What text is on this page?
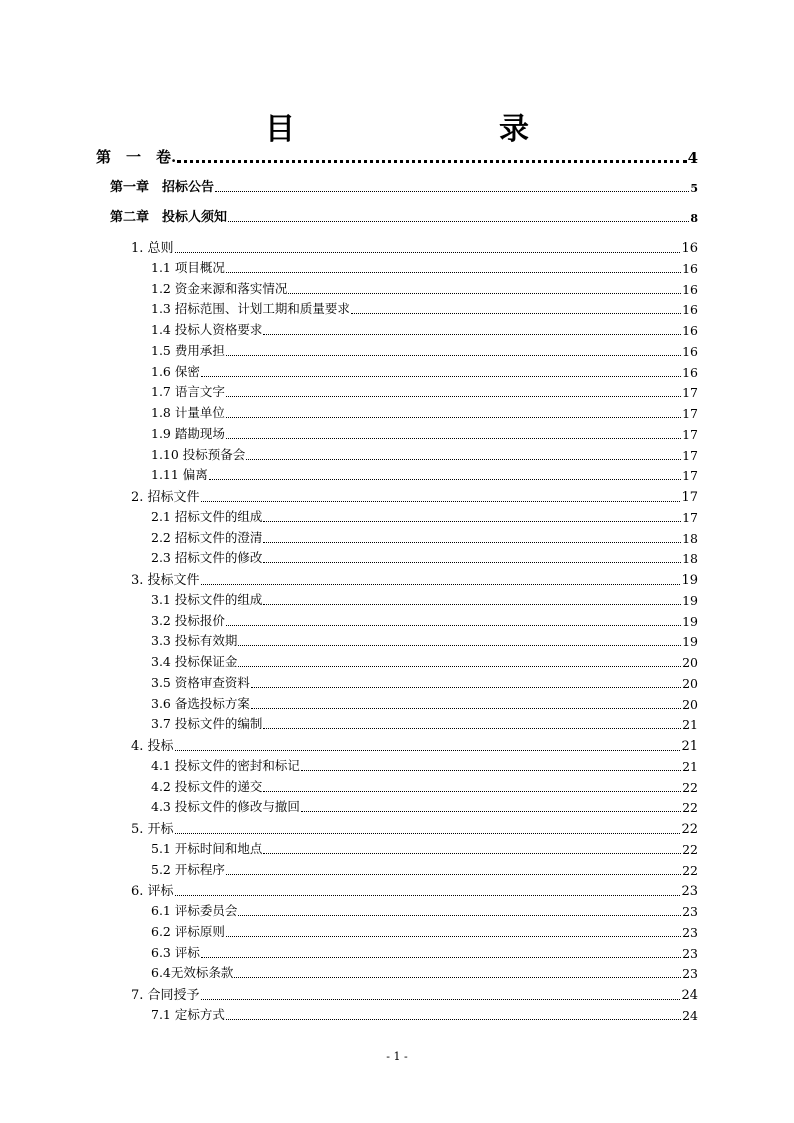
目　　录
第　一　卷.	4
第一章　招标公告	5
第二章　投标人须知	8
1. 总则	16
1.1 项目概况	16
1.2 资金来源和落实情况	16
1.3 招标范围、计划工期和质量要求	16
1.4 投标人资格要求	16
1.5 费用承担	16
1.6 保密	16
1.7 语言文字	17
1.8 计量单位	17
1.9 踏勘现场	17
1.10 投标预备会	17
1.11 偏离	17
2. 招标文件	17
2.1 招标文件的组成	17
2.2 招标文件的澄清	18
2.3 招标文件的修改	18
3. 投标文件	19
3.1 投标文件的组成	19
3.2 投标报价	19
3.3 投标有效期	19
3.4 投标保证金	20
3.5 资格审查资料	20
3.6 备选投标方案	20
3.7 投标文件的编制	21
4. 投标	21
4.1 投标文件的密封和标记	21
4.2 投标文件的递交	22
4.3 投标文件的修改与撤回	22
5. 开标	22
5.1 开标时间和地点	22
5.2 开标程序	22
6. 评标	23
6.1 评标委员会	23
6.2 评标原则	23
6.3 评标	23
6.4无效标条款	23
7. 合同授予	24
7.1 定标方式	24
- 1 -
